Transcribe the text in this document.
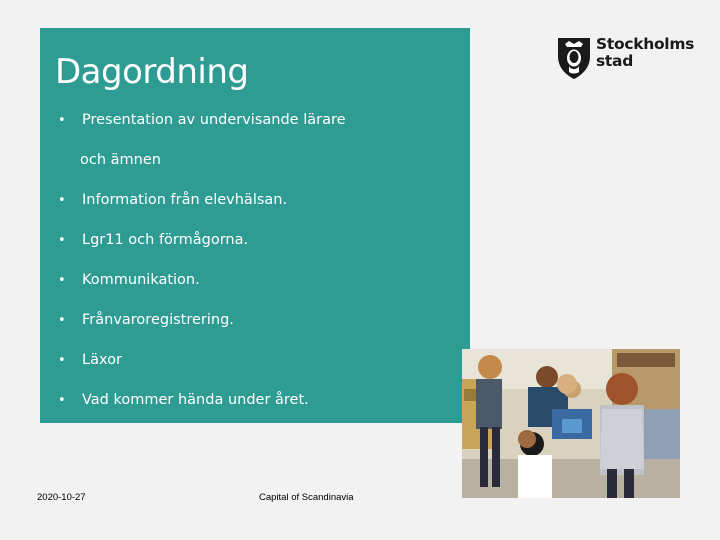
Dagordning
• Presentation av undervisande lärare
och ämnen
• Information från elevhälsan.
• Lgr11 och förmågorna.
• Kommunikation.
• Frånvaroregistrering.
• Läxor
• Vad kommer hända under året.
Stockholms
stad
2020-10-27	Capital of Scandinavia
